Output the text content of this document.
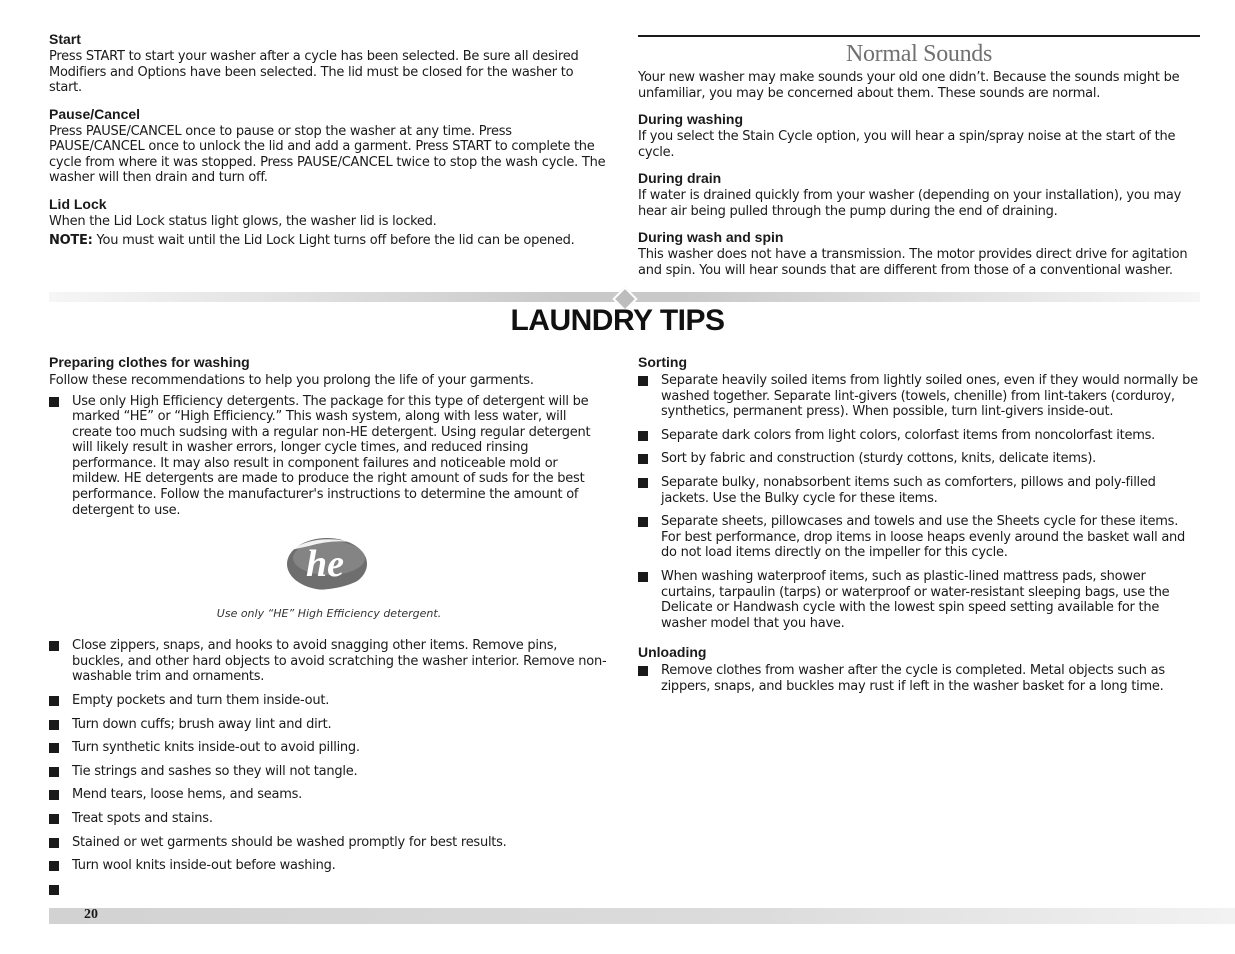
Start

Press START to start your washer after a cycle has been selected. Be sure all desired Modifiers and Options have been selected. The lid must be closed for the washer to start.

Pause/Cancel

Press PAUSE/CANCEL once to pause or stop the washer at any time. Press PAUSE/CANCEL once to unlock the lid and add a garment. Press START to complete the cycle from where it was stopped. Press PAUSE/CANCEL twice to stop the wash cycle. The washer will then drain and turn off.

Lid Lock

When the Lid Lock status light glows, the washer lid is locked.

NOTE: You must wait until the Lid Lock Light turns off before the lid can be opened.

Normal Sounds

Your new washer may make sounds your old one didn’t. Because the sounds might be unfamiliar, you may be concerned about them. These sounds are normal.

During washing

If you select the Stain Cycle option, you will hear a spin/spray noise at the start of the cycle.

During drain

If water is drained quickly from your washer (depending on your installation), you may hear air being pulled through the pump during the end of draining.

During wash and spin

This washer does not have a transmission. The motor provides direct drive for agitation and spin. You will hear sounds that are different from those of a conventional washer.

LAUNDRY TIPS
Preparing clothes for washing

Follow these recommendations to help you prolong the life of your garments.

Use only High Efficiency detergents. The package for this type of detergent will be marked “HE” or “High Efficiency.” This wash system, along with less water, will create too much sudsing with a regular non-HE detergent. Using regular detergent will likely result in washer errors, longer cycle times, and reduced rinsing performance. It may also result in component failures and noticeable mold or mildew. HE detergents are made to produce the right amount of suds for the best performance. Follow the manufacturer's instructions to determine the amount of detergent to use.
he
Use only “HE” High Efficiency detergent.
Close zippers, snaps, and hooks to avoid snagging other items. Remove pins, buckles, and other hard objects to avoid scratching the washer interior. Remove non-washable trim and ornaments.
Empty pockets and turn them inside-out.
Turn down cuffs; brush away lint and dirt.
Turn synthetic knits inside-out to avoid pilling.
Tie strings and sashes so they will not tangle.
Mend tears, loose hems, and seams.
Treat spots and stains.
Stained or wet garments should be washed promptly for best results.
Turn wool knits inside-out before washing.
Sorting
Separate heavily soiled items from lightly soiled ones, even if they would normally be washed together. Separate lint-givers (towels, chenille) from lint-takers (corduroy, synthetics, permanent press). When possible, turn lint-givers inside-out.
Separate dark colors from light colors, colorfast items from noncolorfast items.
Sort by fabric and construction (sturdy cottons, knits, delicate items).
Separate bulky, nonabsorbent items such as comforters, pillows and poly-filled jackets. Use the Bulky cycle for these items.
Separate sheets, pillowcases and towels and use the Sheets cycle for these items. For best performance, drop items in loose heaps evenly around the basket wall and do not load items directly on the impeller for this cycle.
When washing waterproof items, such as plastic-lined mattress pads, shower curtains, tarpaulin (tarps) or waterproof or water-resistant sleeping bags, use the Delicate or Handwash cycle with the lowest spin speed setting available for the washer model that you have.
Unloading
Remove clothes from washer after the cycle is completed. Metal objects such as zippers, snaps, and buckles may rust if left in the washer basket for a long time.
20
